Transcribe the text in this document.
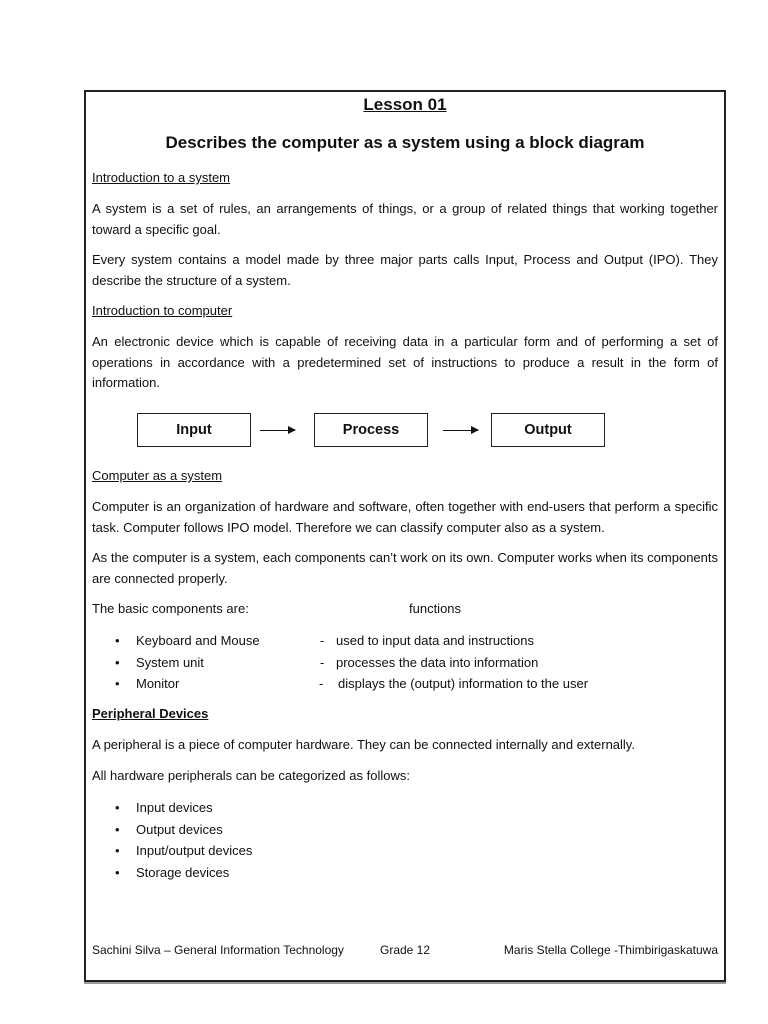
Lesson 01
Describes the computer as a system using a block diagram
Introduction to a system
A system is a set of rules, an arrangements of things, or a group of related things that working together toward a specific goal.
Every system contains a model made by three major parts calls Input, Process and Output (IPO). They describe the structure of a system.
Introduction to computer
An electronic device which is capable of receiving data in a particular form and of performing a set of operations in accordance with a predetermined set of instructions to produce a result in the form of information.
Input	Process	Output
Computer as a system
Computer is an organization of hardware and software, often together with end-users that perform a specific task. Computer follows IPO model. Therefore we can classify computer also as a system.
As the computer is a system, each components can’t work on its own. Computer works when its components are connected properly.
The basic components are:	functions
• Keyboard and Mouse	- used to input data and instructions
• System unit	- processes the data into information
• Monitor	- displays the (output) information to the user
Peripheral Devices
A peripheral is a piece of computer hardware. They can be connected internally and externally.
All hardware peripherals can be categorized as follows:
• Input devices
• Output devices
• Input/output devices
• Storage devices
Sachini Silva – General Information Technology	Grade 12	Maris Stella College -Thimbirigaskatuwa
